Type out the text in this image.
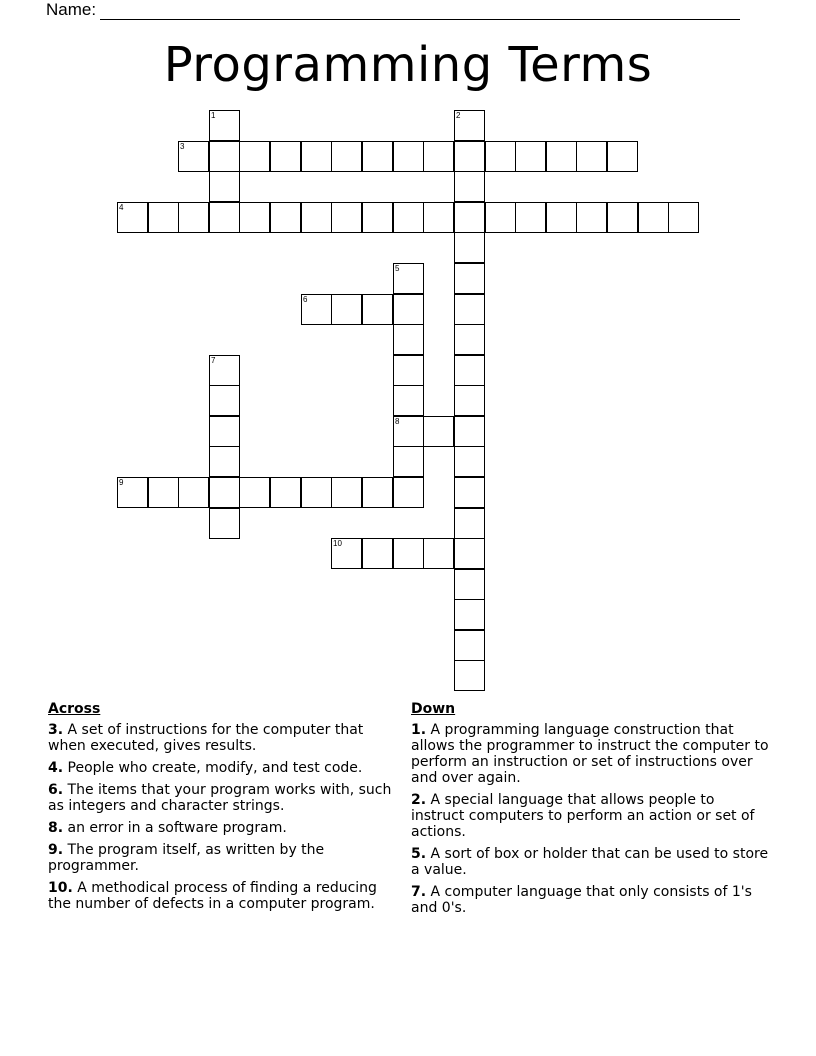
Name:
Programming Terms
1	2
3
4
5
6
7
8
9
10
Across
3. A set of instructions for the computer that when executed, gives results.
4. People who create, modify, and test code.
6. The items that your program works with, such as integers and character strings.
8. an error in a software program.
9. The program itself, as written by the programmer.
10. A methodical process of finding a reducing the number of defects in a computer program.
Down
1. A programming language construction that allows the programmer to instruct the computer to perform an instruction or set of instructions over and over again.
2. A special language that allows people to instruct computers to perform an action or set of actions.
5. A sort of box or holder that can be used to store a value.
7. A computer language that only consists of 1's and 0's.
